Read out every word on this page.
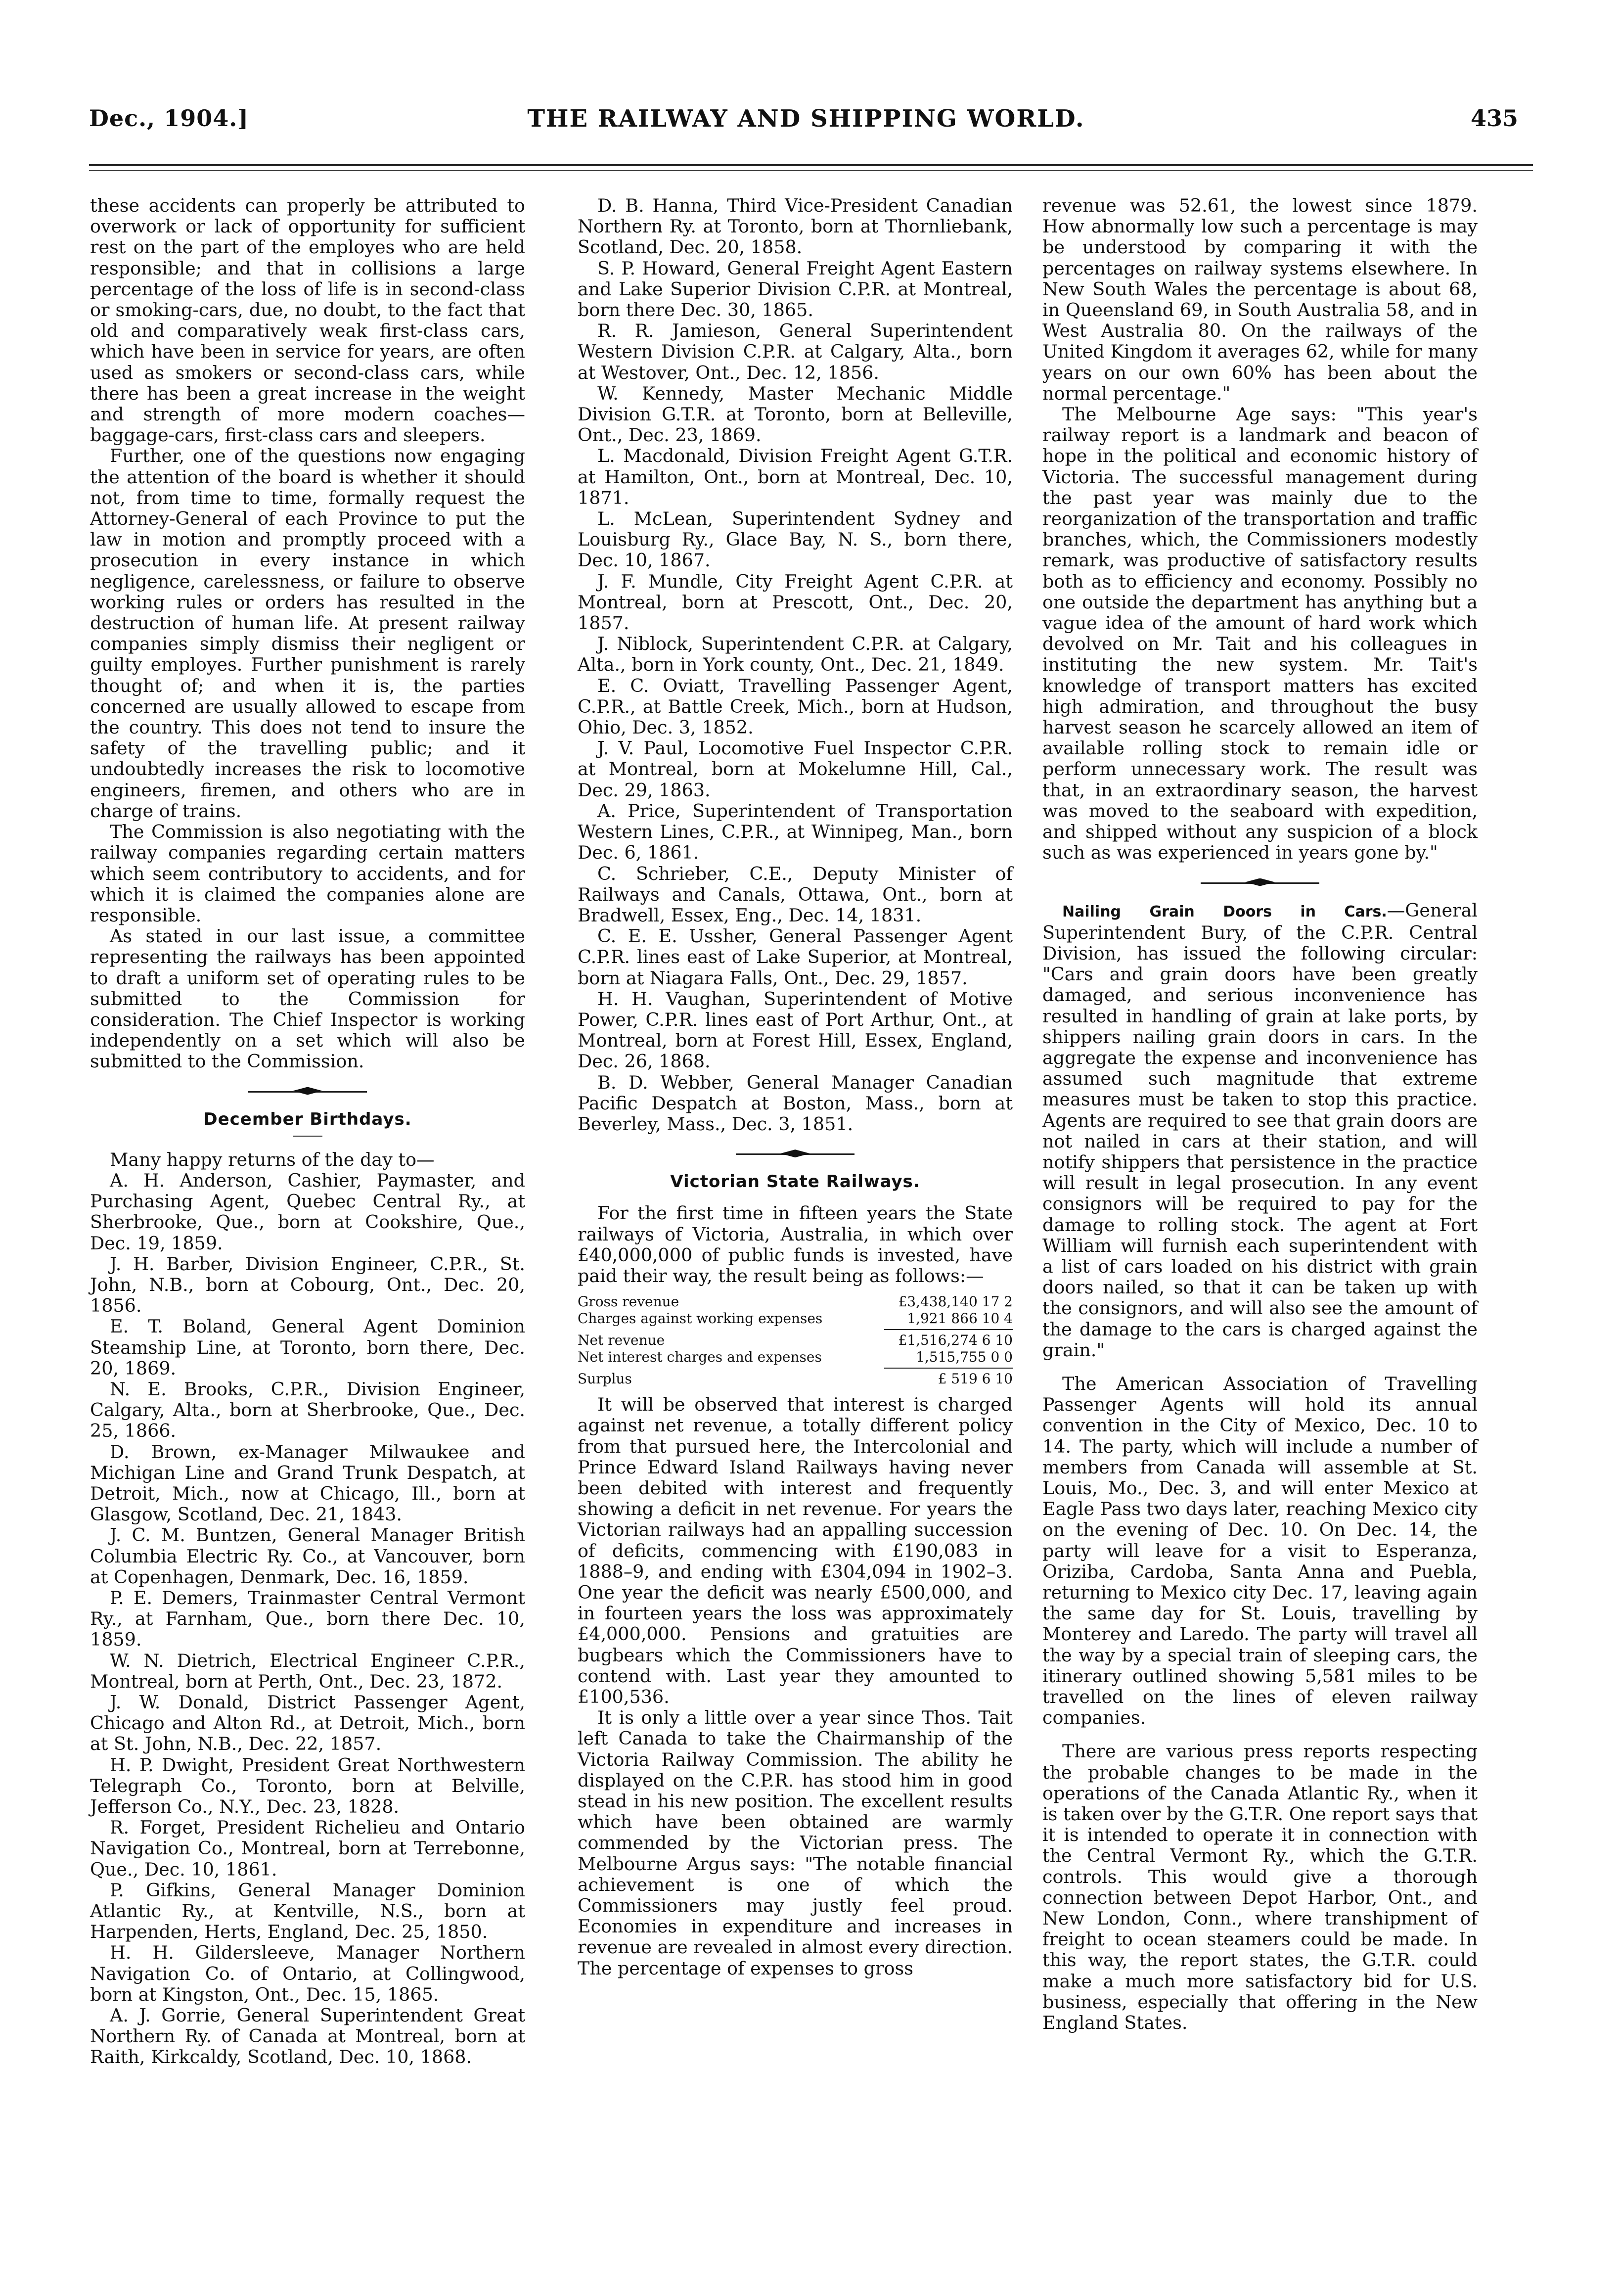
Dec., 1904.]	THE RAILWAY AND SHIPPING WORLD.	435

these accidents can properly be attributed to overwork or lack of opportunity for sufficient rest on the part of the employes who are held responsible; and that in collisions a large percentage of the loss of life is in second-class or smoking-cars, due, no doubt, to the fact that old and comparatively weak first-class cars, which have been in service for years, are often used as smokers or second-class cars, while there has been a great increase in the weight and strength of more modern coaches—baggage-cars, first-class cars and sleepers.

Further, one of the questions now engaging the attention of the board is whether it should not, from time to time, formally request the Attorney-General of each Province to put the law in motion and promptly proceed with a prosecution in every instance in which negligence, carelessness, or failure to observe working rules or orders has resulted in the destruction of human life. At present railway companies simply dismiss their negligent or guilty employes. Further punishment is rarely thought of; and when it is, the parties concerned are usually allowed to escape from the country. This does not tend to insure the safety of the travelling public; and it undoubtedly increases the risk to locomotive engineers, firemen, and others who are in charge of trains.

The Commission is also negotiating with the railway companies regarding certain matters which seem contributory to accidents, and for which it is claimed the companies alone are responsible.

As stated in our last issue, a committee representing the railways has been appointed to draft a uniform set of operating rules to be submitted to the Commission for consideration. The Chief Inspector is working independently on a set which will also be submitted to the Commission.

December Birthdays.

Many happy returns of the day to—

A. H. Anderson, Cashier, Paymaster, and Purchasing Agent, Quebec Central Ry., at Sherbrooke, Que., born at Cookshire, Que., Dec. 19, 1859.

J. H. Barber, Division Engineer, C.P.R., St. John, N.B., born at Cobourg, Ont., Dec. 20, 1856.

E. T. Boland, General Agent Dominion Steamship Line, at Toronto, born there, Dec. 20, 1869.

N. E. Brooks, C.P.R., Division Engineer, Calgary, Alta., born at Sherbrooke, Que., Dec. 25, 1866.

D. Brown, ex-Manager Milwaukee and Michigan Line and Grand Trunk Despatch, at Detroit, Mich., now at Chicago, Ill., born at Glasgow, Scotland, Dec. 21, 1843.

J. C. M. Buntzen, General Manager British Columbia Electric Ry. Co., at Vancouver, born at Copenhagen, Denmark, Dec. 16, 1859.

P. E. Demers, Trainmaster Central Vermont Ry., at Farnham, Que., born there Dec. 10, 1859.

W. N. Dietrich, Electrical Engineer C.P.R., Montreal, born at Perth, Ont., Dec. 23, 1872.

J. W. Donald, District Passenger Agent, Chicago and Alton Rd., at Detroit, Mich., born at St. John, N.B., Dec. 22, 1857.

H. P. Dwight, President Great Northwestern Telegraph Co., Toronto, born at Belville, Jefferson Co., N.Y., Dec. 23, 1828.

R. Forget, President Richelieu and Ontario Navigation Co., Montreal, born at Terrebonne, Que., Dec. 10, 1861.

P. Gifkins, General Manager Dominion Atlantic Ry., at Kentville, N.S., born at Harpenden, Herts, England, Dec. 25, 1850.

H. H. Gildersleeve, Manager Northern Navigation Co. of Ontario, at Collingwood, born at Kingston, Ont., Dec. 15, 1865.

A. J. Gorrie, General Superintendent Great Northern Ry. of Canada at Montreal, born at Raith, Kirkcaldy, Scotland, Dec. 10, 1868.

D. B. Hanna, Third Vice-President Canadian Northern Ry. at Toronto, born at Thornliebank, Scotland, Dec. 20, 1858.

S. P. Howard, General Freight Agent Eastern and Lake Superior Division C.P.R. at Montreal, born there Dec. 30, 1865.

R. R. Jamieson, General Superintendent Western Division C.P.R. at Calgary, Alta., born at Westover, Ont., Dec. 12, 1856.

W. Kennedy, Master Mechanic Middle Division G.T.R. at Toronto, born at Belleville, Ont., Dec. 23, 1869.

L. Macdonald, Division Freight Agent G.T.R. at Hamilton, Ont., born at Montreal, Dec. 10, 1871.

L. McLean, Superintendent Sydney and Louisburg Ry., Glace Bay, N. S., born there, Dec. 10, 1867.

J. F. Mundle, City Freight Agent C.P.R. at Montreal, born at Prescott, Ont., Dec. 20, 1857.

J. Niblock, Superintendent C.P.R. at Calgary, Alta., born in York county, Ont., Dec. 21, 1849.

E. C. Oviatt, Travelling Passenger Agent, C.P.R., at Battle Creek, Mich., born at Hudson, Ohio, Dec. 3, 1852.

J. V. Paul, Locomotive Fuel Inspector C.P.R. at Montreal, born at Mokelumne Hill, Cal., Dec. 29, 1863.

A. Price, Superintendent of Transportation Western Lines, C.P.R., at Winnipeg, Man., born Dec. 6, 1861.

C. Schrieber, C.E., Deputy Minister of Railways and Canals, Ottawa, Ont., born at Bradwell, Essex, Eng., Dec. 14, 1831.

C. E. E. Ussher, General Passenger Agent C.P.R. lines east of Lake Superior, at Montreal, born at Niagara Falls, Ont., Dec. 29, 1857.

H. H. Vaughan, Superintendent of Motive Power, C.P.R. lines east of Port Arthur, Ont., at Montreal, born at Forest Hill, Essex, England, Dec. 26, 1868.

B. D. Webber, General Manager Canadian Pacific Despatch at Boston, Mass., born at Beverley, Mass., Dec. 3, 1851.

Victorian State Railways.

For the first time in fifteen years the State railways of Victoria, Australia, in which over £40,000,000 of public funds is invested, have paid their way, the result being as follows:—

Gross revenue	£3,438,140 17 2
Charges against working expenses	1,921 866 10 4
Net revenue	£1,516,274 6 10
Net interest charges and expenses	1,515,755 0 0
Surplus	£ 519 6 10

It will be observed that interest is charged against net revenue, a totally different policy from that pursued here, the Intercolonial and Prince Edward Island Railways having never been debited with interest and frequently showing a deficit in net revenue. For years the Victorian railways had an appalling succession of deficits, commencing with £190,083 in 1888–9, and ending with £304,094 in 1902–3. One year the deficit was nearly £500,000, and in fourteen years the loss was approximately £4,000,000. Pensions and gratuities are bugbears which the Commissioners have to contend with. Last year they amounted to £100,536.

It is only a little over a year since Thos. Tait left Canada to take the Chairmanship of the Victoria Railway Commission. The ability he displayed on the C.P.R. has stood him in good stead in his new position. The excellent results which have been obtained are warmly commended by the Victorian press. The Melbourne Argus says: "The notable financial achievement is one of which the Commissioners may justly feel proud. Economies in expenditure and increases in revenue are revealed in almost every direction. The percentage of expenses to gross

revenue was 52.61, the lowest since 1879. How abnormally low such a percentage is may be understood by comparing it with the percentages on railway systems elsewhere. In New South Wales the percentage is about 68, in Queensland 69, in South Australia 58, and in West Australia 80. On the railways of the United Kingdom it averages 62, while for many years on our own 60% has been about the normal percentage."

The Melbourne Age says: "This year's railway report is a landmark and beacon of hope in the political and economic history of Victoria. The successful management during the past year was mainly due to the reorganization of the transportation and traffic branches, which, the Commissioners modestly remark, was productive of satisfactory results both as to efficiency and economy. Possibly no one outside the department has anything but a vague idea of the amount of hard work which devolved on Mr. Tait and his colleagues in instituting the new system. Mr. Tait's knowledge of transport matters has excited high admiration, and throughout the busy harvest season he scarcely allowed an item of available rolling stock to remain idle or perform unnecessary work. The result was that, in an extraordinary season, the harvest was moved to the seaboard with expedition, and shipped without any suspicion of a block such as was experienced in years gone by."

Nailing Grain Doors in Cars.—General Superintendent Bury, of the C.P.R. Central Division, has issued the following circular: "Cars and grain doors have been greatly damaged, and serious inconvenience has resulted in handling of grain at lake ports, by shippers nailing grain doors in cars. In the aggregate the expense and inconvenience has assumed such magnitude that extreme measures must be taken to stop this practice. Agents are required to see that grain doors are not nailed in cars at their station, and will notify shippers that persistence in the practice will result in legal prosecution. In any event consignors will be required to pay for the damage to rolling stock. The agent at Fort William will furnish each superintendent with a list of cars loaded on his district with grain doors nailed, so that it can be taken up with the consignors, and will also see the amount of the damage to the cars is charged against the grain."

The American Association of Travelling Passenger Agents will hold its annual convention in the City of Mexico, Dec. 10 to 14. The party, which will include a number of members from Canada will assemble at St. Louis, Mo., Dec. 3, and will enter Mexico at Eagle Pass two days later, reaching Mexico city on the evening of Dec. 10. On Dec. 14, the party will leave for a visit to Esperanza, Oriziba, Cardoba, Santa Anna and Puebla, returning to Mexico city Dec. 17, leaving again the same day for St. Louis, travelling by Monterey and Laredo. The party will travel all the way by a special train of sleeping cars, the itinerary outlined showing 5,581 miles to be travelled on the lines of eleven railway companies.

There are various press reports respecting the probable changes to be made in the operations of the Canada Atlantic Ry., when it is taken over by the G.T.R. One report says that it is intended to operate it in connection with the Central Vermont Ry., which the G.T.R. controls. This would give a thorough connection between Depot Harbor, Ont., and New London, Conn., where transhipment of freight to ocean steamers could be made. In this way, the report states, the G.T.R. could make a much more satisfactory bid for U.S. business, especially that offering in the New England States.
